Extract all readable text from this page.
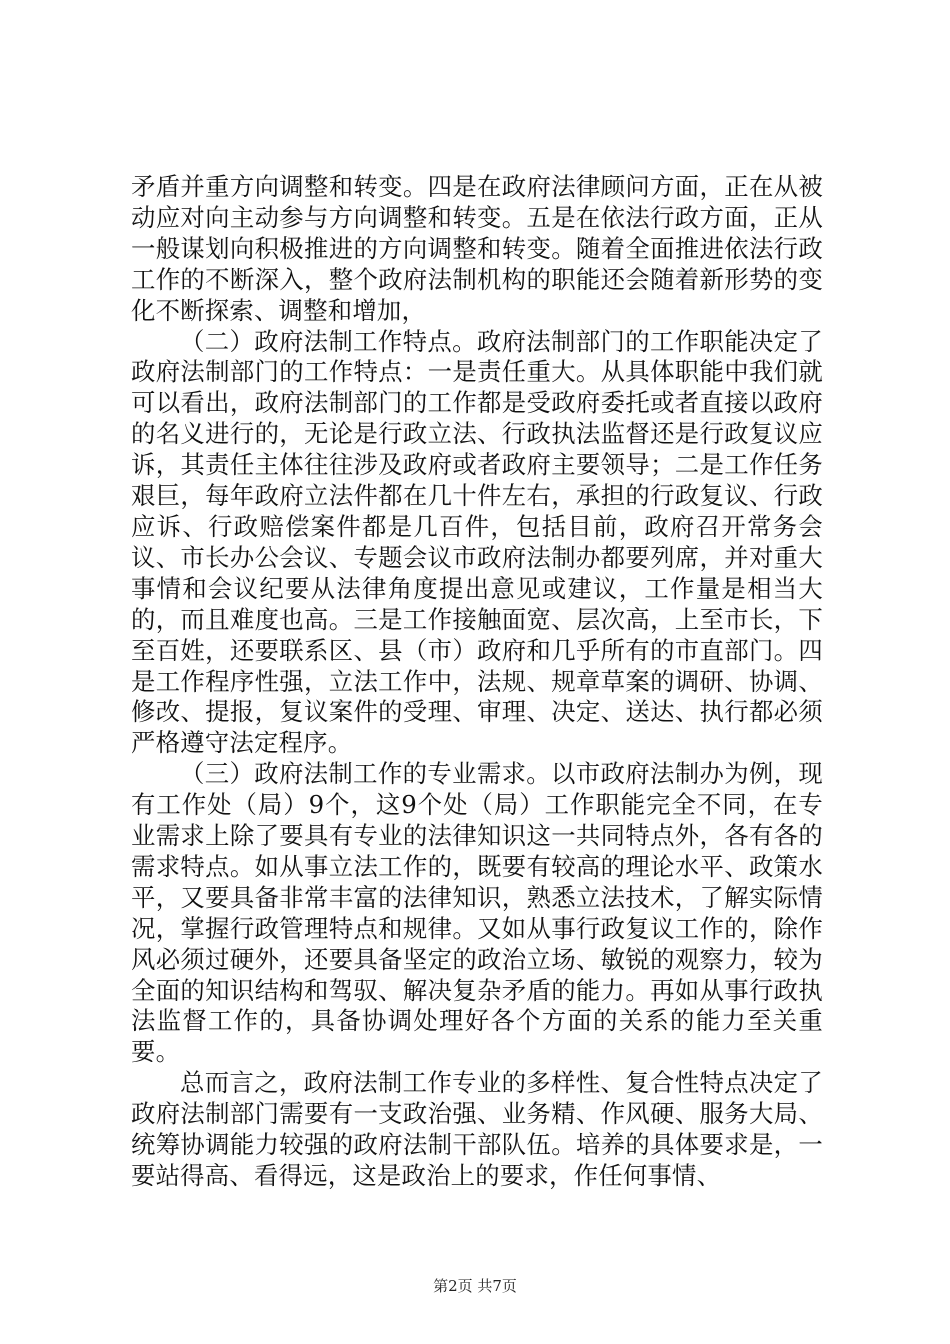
矛盾并重方向调整和转变。四是在政府法律顾问方面，正在从被动应对向主动参与方向调整和转变。五是在依法行政方面，正从一般谋划向积极推进的方向调整和转变。随着全面推进依法行政工作的不断深入，整个政府法制机构的职能还会随着新形势的变化不断探索、调整和增加，

（二）政府法制工作特点。政府法制部门的工作职能决定了政府法制部门的工作特点：一是责任重大。从具体职能中我们就可以看出，政府法制部门的工作都是受政府委托或者直接以政府的名义进行的，无论是行政立法、行政执法监督还是行政复议应诉，其责任主体往往涉及政府或者政府主要领导；二是工作任务艰巨，每年政府立法件都在几十件左右，承担的行政复议、行政应诉、行政赔偿案件都是几百件，包括目前，政府召开常务会议、市长办公会议、专题会议市政府法制办都要列席，并对重大事情和会议纪要从法律角度提出意见或建议，工作量是相当大的，而且难度也高。三是工作接触面宽、层次高，上至市长，下至百姓，还要联系区、县（市）政府和几乎所有的市直部门。四是工作程序性强，立法工作中，法规、规章草案的调研、协调、修改、提报，复议案件的受理、审理、决定、送达、执行都必须严格遵守法定程序。

（三）政府法制工作的专业需求。以市政府法制办为例，现有工作处（局）9个，这9个处（局）工作职能完全不同，在专业需求上除了要具有专业的法律知识这一共同特点外，各有各的需求特点。如从事立法工作的，既要有较高的理论水平、政策水平，又要具备非常丰富的法律知识，熟悉立法技术，了解实际情况，掌握行政管理特点和规律。又如从事行政复议工作的，除作风必须过硬外，还要具备坚定的政治立场、敏锐的观察力，较为全面的知识结构和驾驭、解决复杂矛盾的能力。再如从事行政执法监督工作的，具备协调处理好各个方面的关系的能力至关重要。

总而言之，政府法制工作专业的多样性、复合性特点决定了政府法制部门需要有一支政治强、业务精、作风硬、服务大局、统筹协调能力较强的政府法制干部队伍。培养的具体要求是，一要站得高、看得远，这是政治上的要求，作任何事情、

第2页 共7页
